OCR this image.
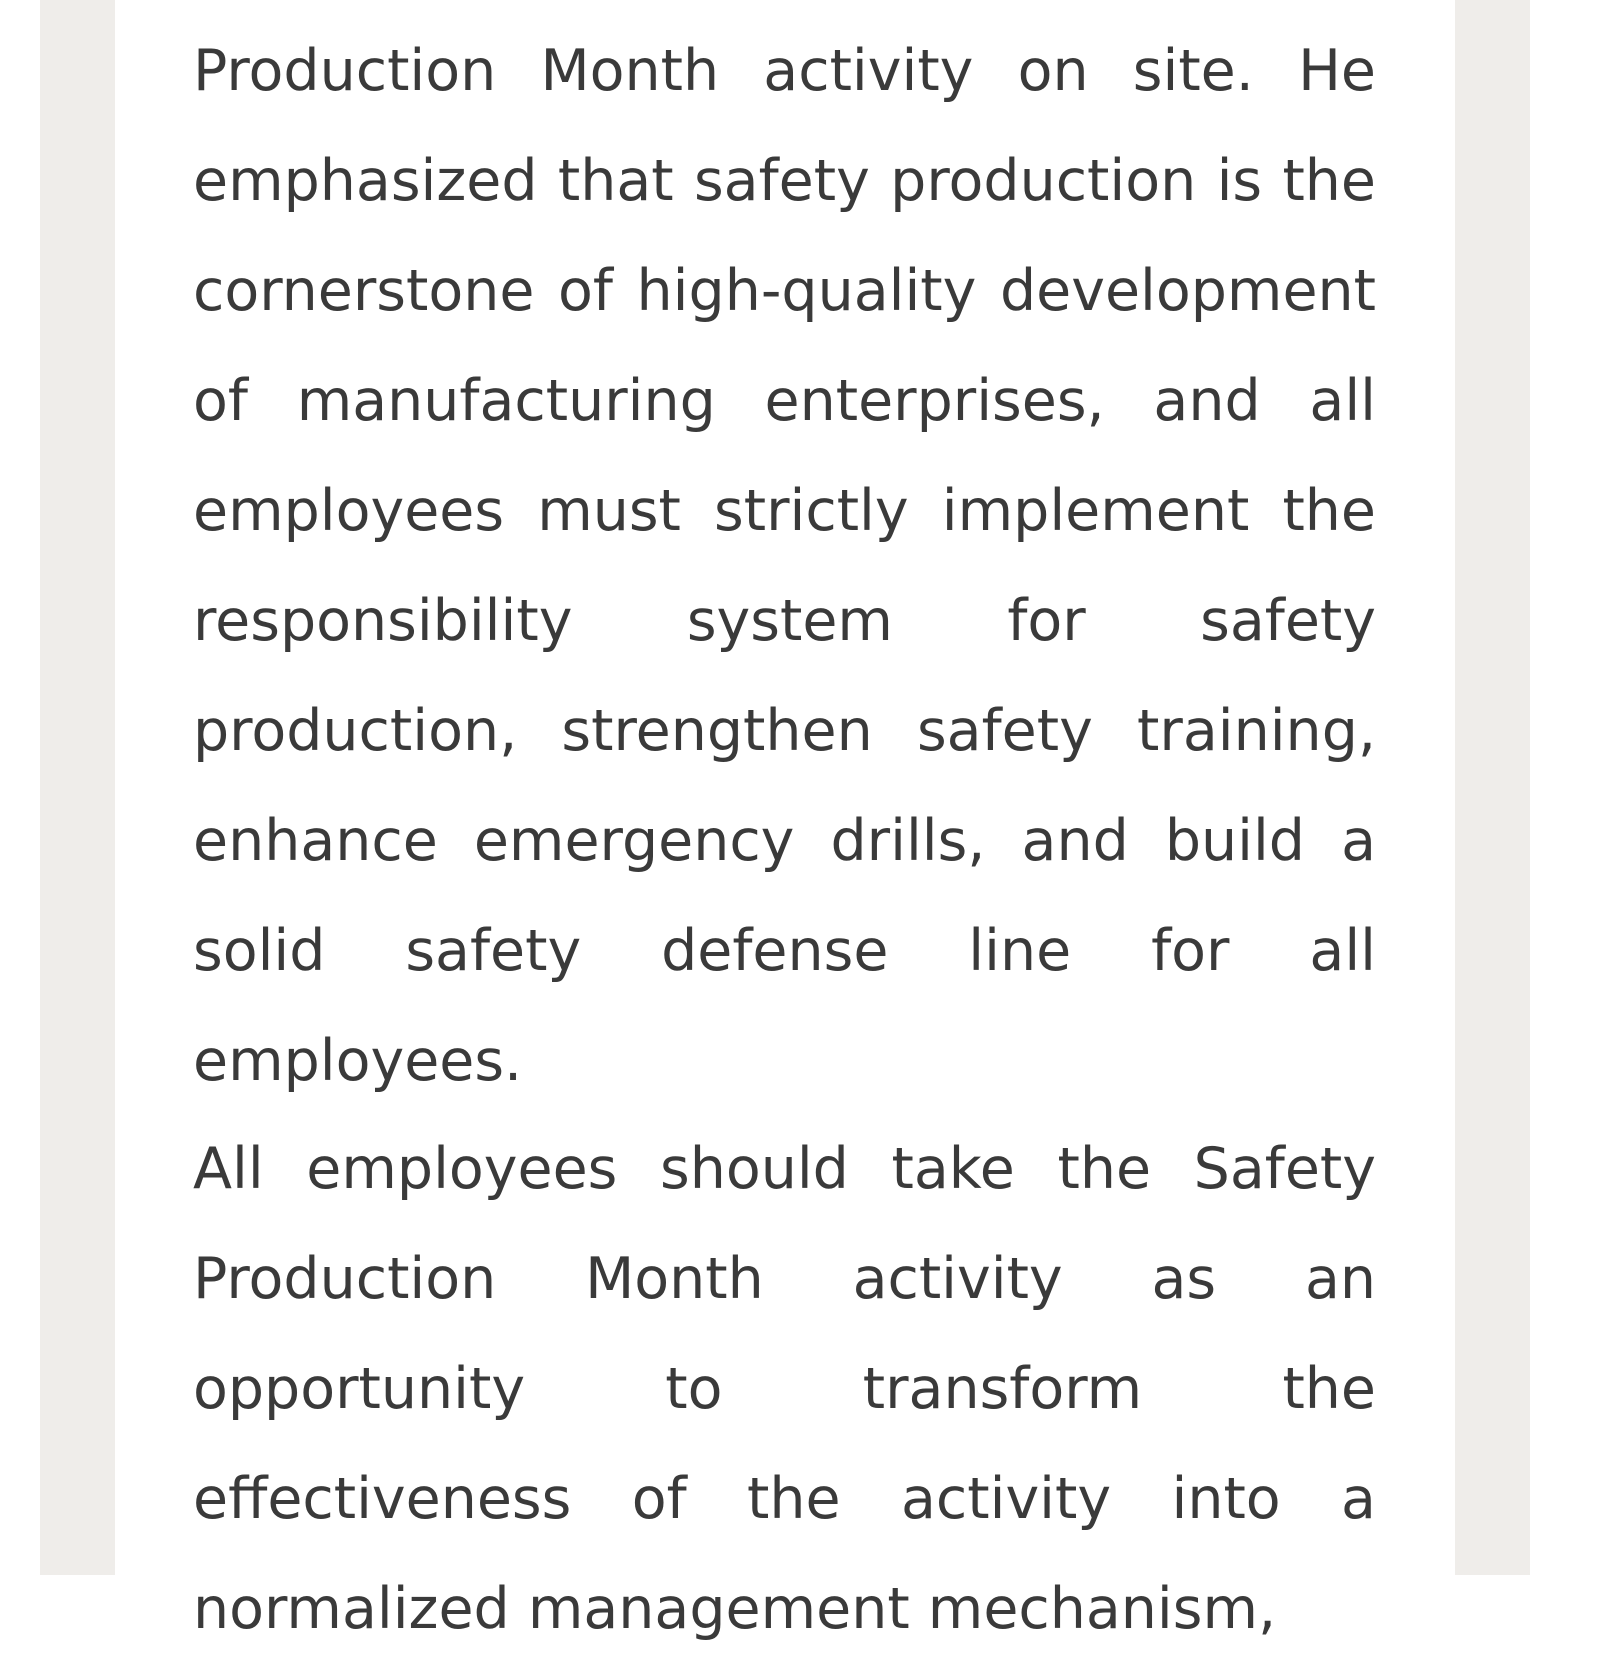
Production Month activity on site. He emphasized that safety production is the cornerstone of high-quality development of manufacturing enterprises, and all employees must strictly implement the responsibility system for safety production, strengthen safety training, enhance emergency drills, and build a solid safety defense line for all employees.

All employees should take the Safety Production Month activity as an opportunity to transform the effectiveness of the activity into a normalized management mechanism,
